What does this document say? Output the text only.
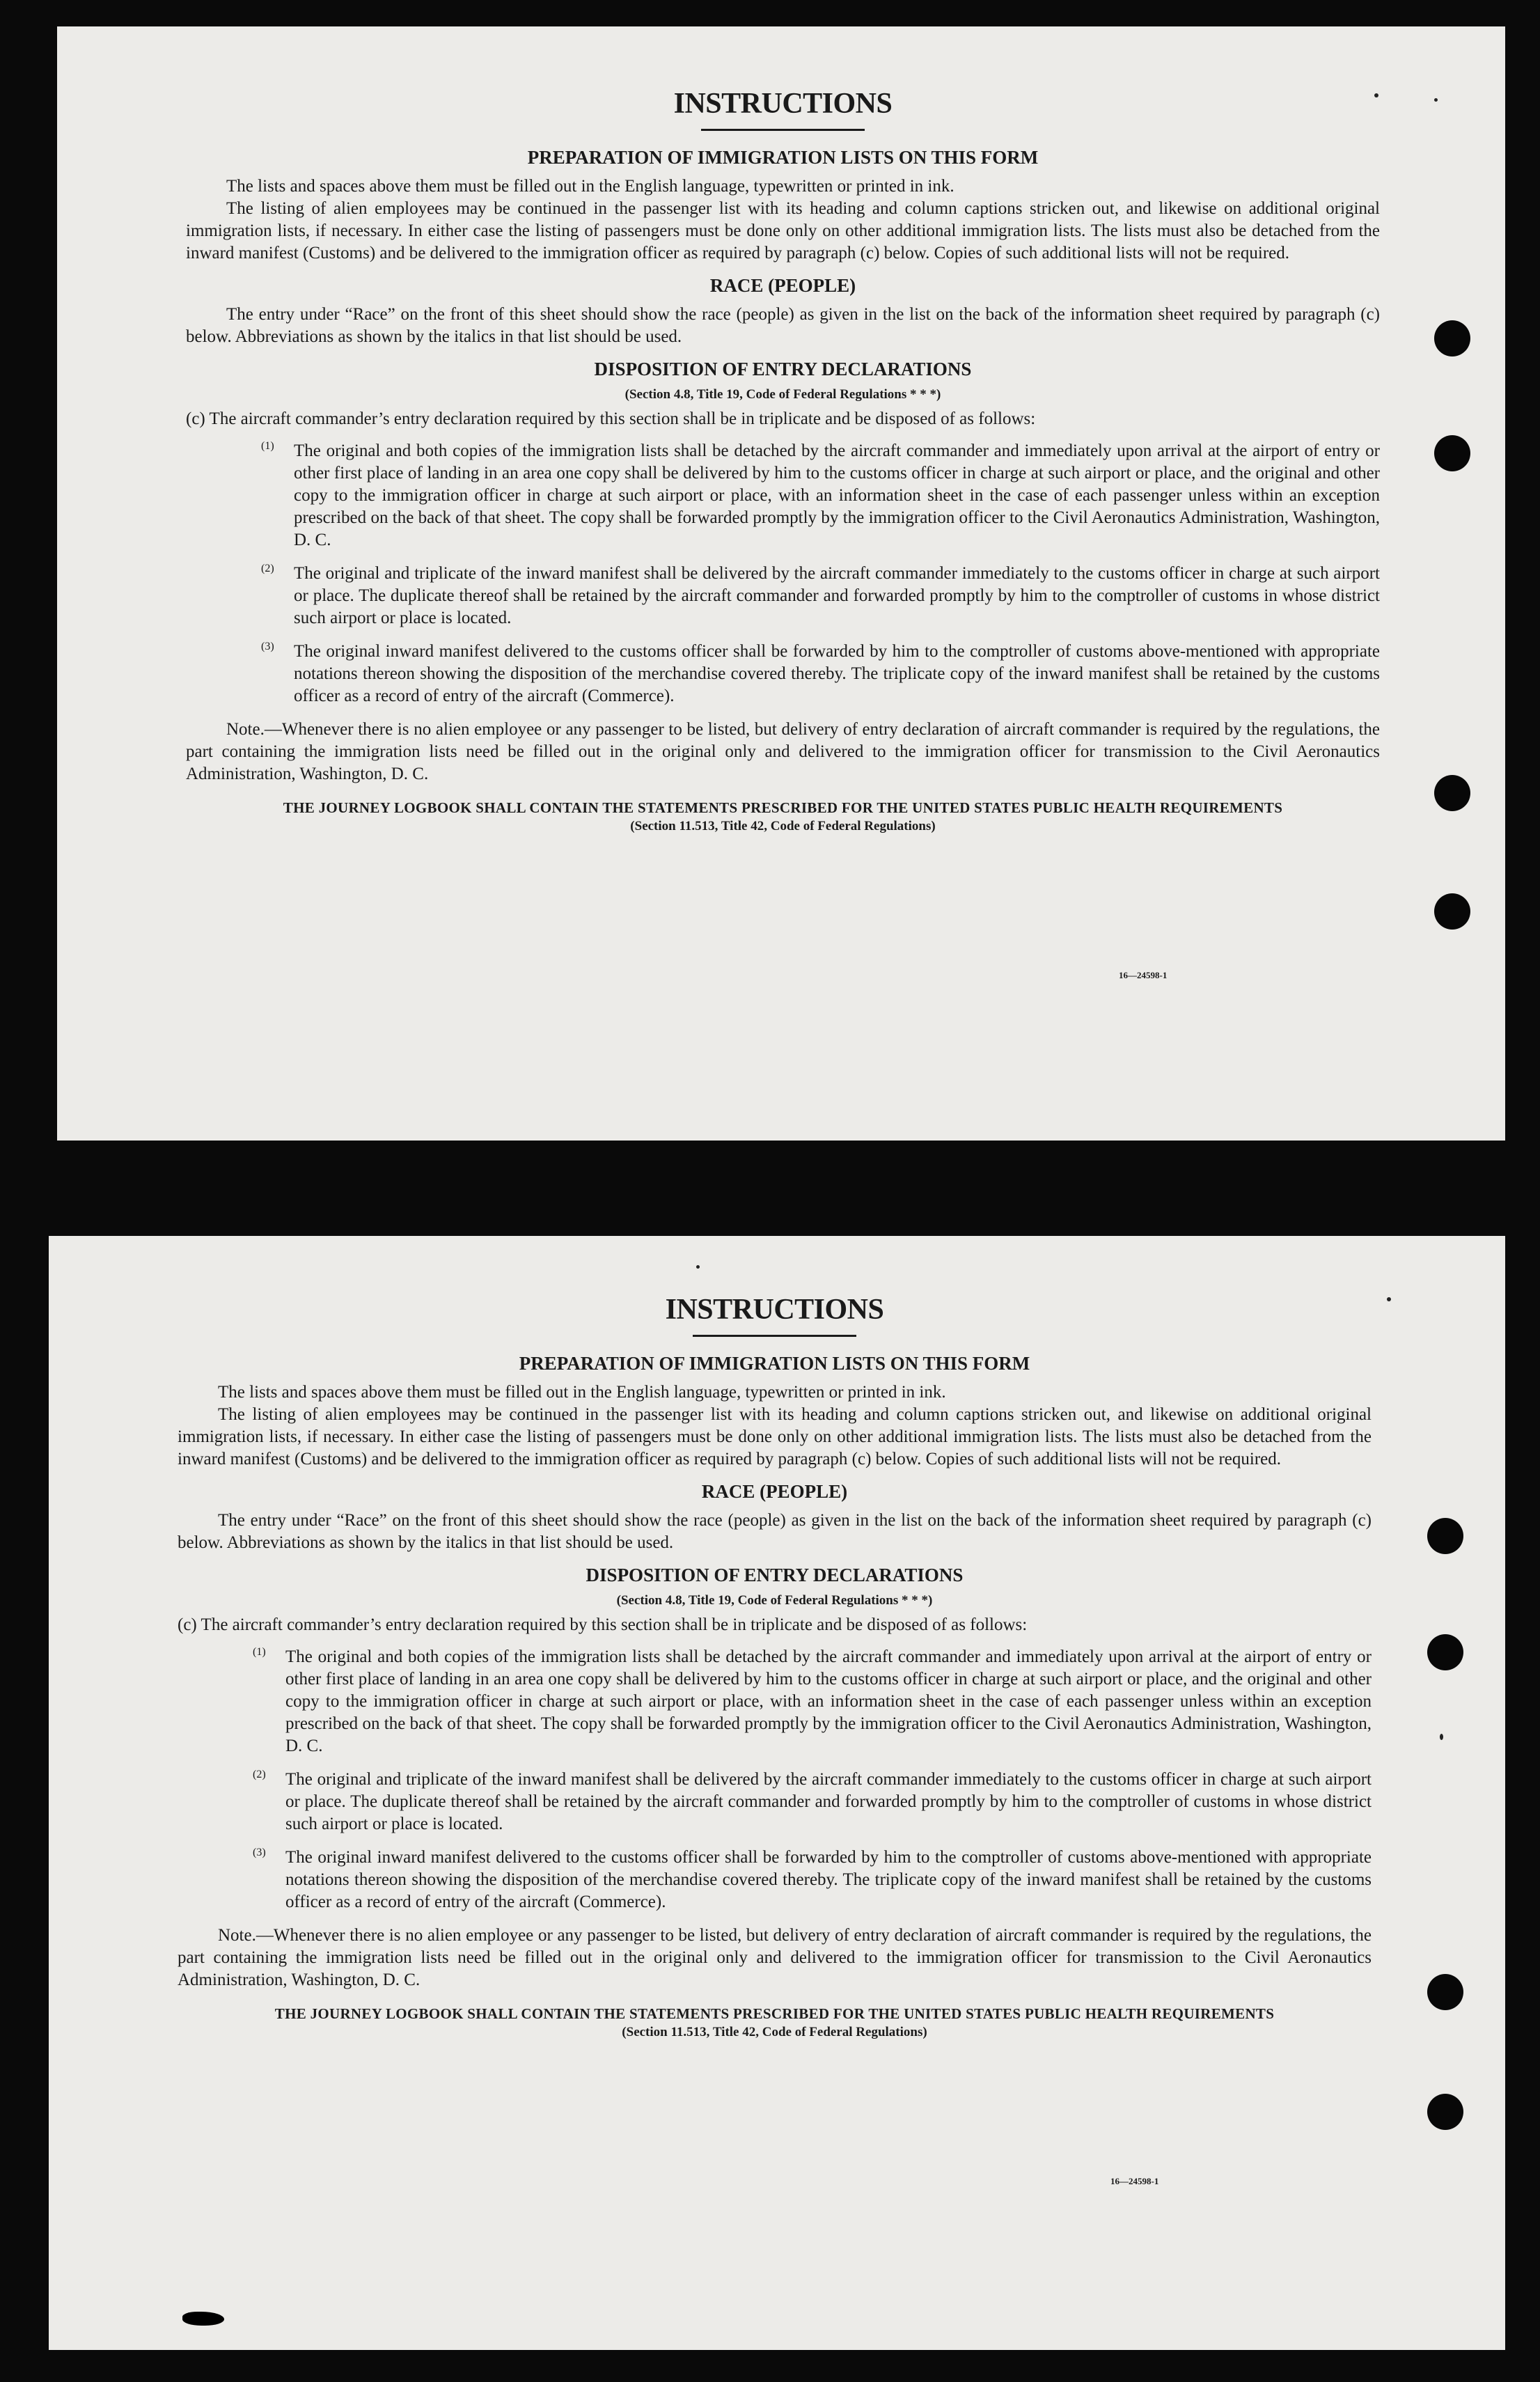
INSTRUCTIONS
PREPARATION OF IMMIGRATION LISTS ON THIS FORM

The lists and spaces above them must be filled out in the English language, typewritten or printed in ink.

The listing of alien employees may be continued in the passenger list with its heading and column captions stricken out, and likewise on additional original immigration lists, if necessary. In either case the listing of passengers must be done only on other additional immigration lists. The lists must also be detached from the inward manifest (Customs) and be delivered to the immigration officer as required by paragraph (c) below. Copies of such additional lists will not be required.

RACE (PEOPLE)

The entry under “Race” on the front of this sheet should show the race (people) as given in the list on the back of the information sheet required by paragraph (c) below. Abbreviations as shown by the italics in that list should be used.

DISPOSITION OF ENTRY DECLARATIONS
(Section 4.8, Title 19, Code of Federal Regulations * * *)

(c) The aircraft commander’s entry declaration required by this section shall be in triplicate and be disposed of as follows:

(1) The original and both copies of the immigration lists shall be detached by the aircraft commander and immediately upon arrival at the airport of entry or other first place of landing in an area one copy shall be delivered by him to the customs officer in charge at such airport or place, and the original and other copy to the immigration officer in charge at such airport or place, with an information sheet in the case of each passenger unless within an exception prescribed on the back of that sheet. The copy shall be forwarded promptly by the immigration officer to the Civil Aeronautics Administration, Washington, D. C.

(2) The original and triplicate of the inward manifest shall be delivered by the aircraft commander immediately to the customs officer in charge at such airport or place. The duplicate thereof shall be retained by the aircraft commander and forwarded promptly by him to the comptroller of customs in whose district such airport or place is located.

(3) The original inward manifest delivered to the customs officer shall be forwarded by him to the comptroller of customs above-mentioned with appropriate notations thereon showing the disposition of the merchandise covered thereby. The triplicate copy of the inward manifest shall be retained by the customs officer as a record of entry of the aircraft (Commerce).

Note.—Whenever there is no alien employee or any passenger to be listed, but delivery of entry declaration of aircraft commander is required by the regulations, the part containing the immigration lists need be filled out in the original only and delivered to the immigration officer for transmission to the Civil Aeronautics Administration, Washington, D. C.

THE JOURNEY LOGBOOK SHALL CONTAIN THE STATEMENTS PRESCRIBED FOR THE UNITED STATES PUBLIC HEALTH REQUIREMENTS
(Section 11.513, Title 42, Code of Federal Regulations)
16—24598-1
INSTRUCTIONS
PREPARATION OF IMMIGRATION LISTS ON THIS FORM

The lists and spaces above them must be filled out in the English language, typewritten or printed in ink.

The listing of alien employees may be continued in the passenger list with its heading and column captions stricken out, and likewise on additional original immigration lists, if necessary. In either case the listing of passengers must be done only on other additional immigration lists. The lists must also be detached from the inward manifest (Customs) and be delivered to the immigration officer as required by paragraph (c) below. Copies of such additional lists will not be required.

RACE (PEOPLE)

The entry under “Race” on the front of this sheet should show the race (people) as given in the list on the back of the information sheet required by paragraph (c) below. Abbreviations as shown by the italics in that list should be used.

DISPOSITION OF ENTRY DECLARATIONS
(Section 4.8, Title 19, Code of Federal Regulations * * *)

(c) The aircraft commander’s entry declaration required by this section shall be in triplicate and be disposed of as follows:

(1) The original and both copies of the immigration lists shall be detached by the aircraft commander and immediately upon arrival at the airport of entry or other first place of landing in an area one copy shall be delivered by him to the customs officer in charge at such airport or place, and the original and other copy to the immigration officer in charge at such airport or place, with an information sheet in the case of each passenger unless within an exception prescribed on the back of that sheet. The copy shall be forwarded promptly by the immigration officer to the Civil Aeronautics Administration, Washington, D. C.

(2) The original and triplicate of the inward manifest shall be delivered by the aircraft commander immediately to the customs officer in charge at such airport or place. The duplicate thereof shall be retained by the aircraft commander and forwarded promptly by him to the comptroller of customs in whose district such airport or place is located.

(3) The original inward manifest delivered to the customs officer shall be forwarded by him to the comptroller of customs above-mentioned with appropriate notations thereon showing the disposition of the merchandise covered thereby. The triplicate copy of the inward manifest shall be retained by the customs officer as a record of entry of the aircraft (Commerce).

Note.—Whenever there is no alien employee or any passenger to be listed, but delivery of entry declaration of aircraft commander is required by the regulations, the part containing the immigration lists need be filled out in the original only and delivered to the immigration officer for transmission to the Civil Aeronautics Administration, Washington, D. C.

THE JOURNEY LOGBOOK SHALL CONTAIN THE STATEMENTS PRESCRIBED FOR THE UNITED STATES PUBLIC HEALTH REQUIREMENTS
(Section 11.513, Title 42, Code of Federal Regulations)
16—24598-1
